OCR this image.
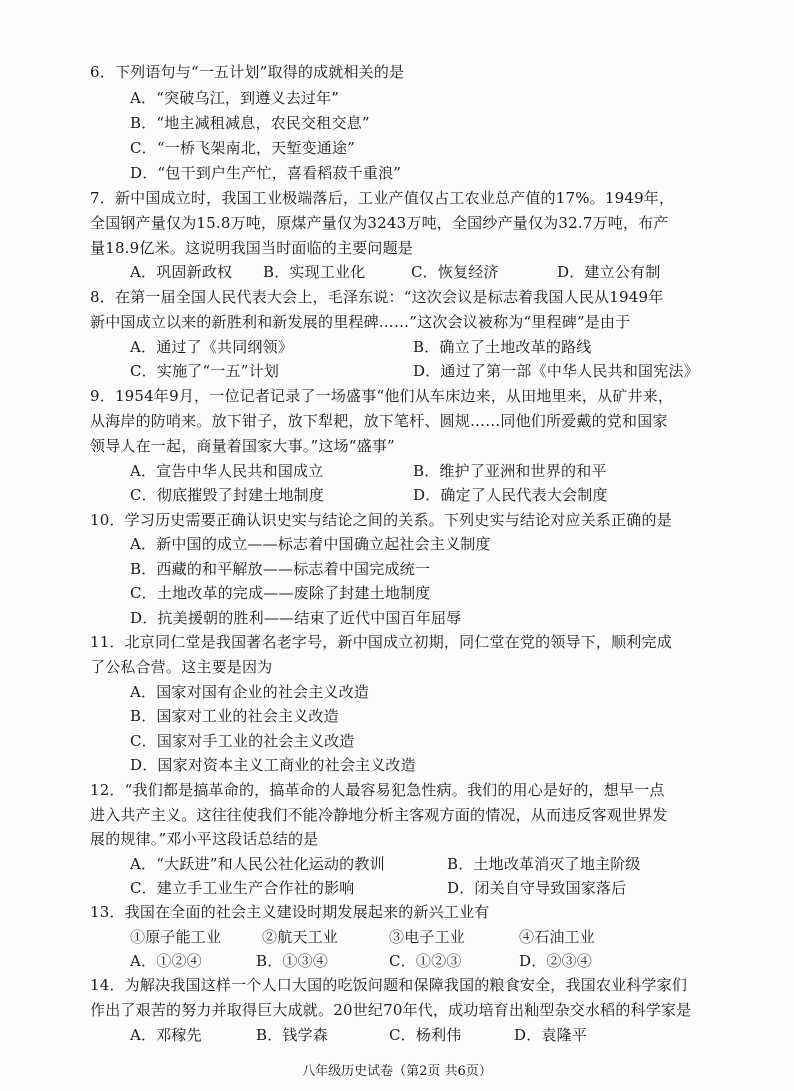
6．下列语句与“一五计划”取得的成就相关的是
A．“突破乌江，到遵义去过年”
B．“地主减租减息，农民交租交息”
C．“一桥飞架南北，天堑变通途”
D．“包干到户生产忙，喜看稻菽千重浪”
7．新中国成立时，我国工业极端落后，工业产值仅占工农业总产值的17%。1949年，
全国钢产量仅为15.8万吨，原煤产量仅为3243万吨，全国纱产量仅为32.7万吨，布产
量18.9亿米。这说明我国当时面临的主要问题是
A．巩固新政权 B．实现工业化	C．恢复经济	D．建立公有制
8．在第一届全国人民代表大会上，毛泽东说：“这次会议是标志着我国人民从1949年
新中国成立以来的新胜利和新发展的里程碑……”这次会议被称为“里程碑”是由于
A．通过了《共同纲领》	B．确立了土地改革的路线
C．实施了“一五”计划	D．通过了第一部《中华人民共和国宪法》
9．1954年9月，一位记者记录了一场盛事“他们从车床边来，从田地里来，从矿井来，
从海岸的防哨来。放下钳子，放下犁耙，放下笔杆、圆规……同他们所爱戴的党和国家
领导人在一起，商量着国家大事。”这场“盛事”
A．宣告中华人民共和国成立	B．维护了亚洲和世界的和平
C．彻底摧毁了封建土地制度	D．确定了人民代表大会制度
10．学习历史需要正确认识史实与结论之间的关系。下列史实与结论对应关系正确的是
A．新中国的成立——标志着中国确立起社会主义制度
B．西藏的和平解放——标志着中国完成统一
C．土地改革的完成——废除了封建土地制度
D．抗美援朝的胜利——结束了近代中国百年屈辱
11．北京同仁堂是我国著名老字号，新中国成立初期，同仁堂在党的领导下，顺利完成
了公私合营。这主要是因为
A．国家对国有企业的社会主义改造
B．国家对工业的社会主义改造
C．国家对手工业的社会主义改造
D．国家对资本主义工商业的社会主义改造
12．“我们都是搞革命的，搞革命的人最容易犯急性病。我们的用心是好的，想早一点
进入共产主义。这往往使我们不能冷静地分析主客观方面的情况，从而违反客观世界发
展的规律。”邓小平这段话总结的是
A．“大跃进”和人民公社化运动的教训	B．土地改革消灭了地主阶级
C．建立手工业生产合作社的影响	D．闭关自守导致国家落后
13．我国在全面的社会主义建设时期发展起来的新兴工业有
①原子能工业	②航天工业	③电子工业	④石油工业
A．①②④	B．①③④	C．①②③	D．②③④
14．为解决我国这样一个人口大国的吃饭问题和保障我国的粮食安全，我国农业科学家们
作出了艰苦的努力并取得巨大成就。20世纪70年代，成功培育出籼型杂交水稻的科学家是
A．邓稼先	B．钱学森	C．杨利伟	D．袁隆平
八年级历史试卷（第2页 共6页）
